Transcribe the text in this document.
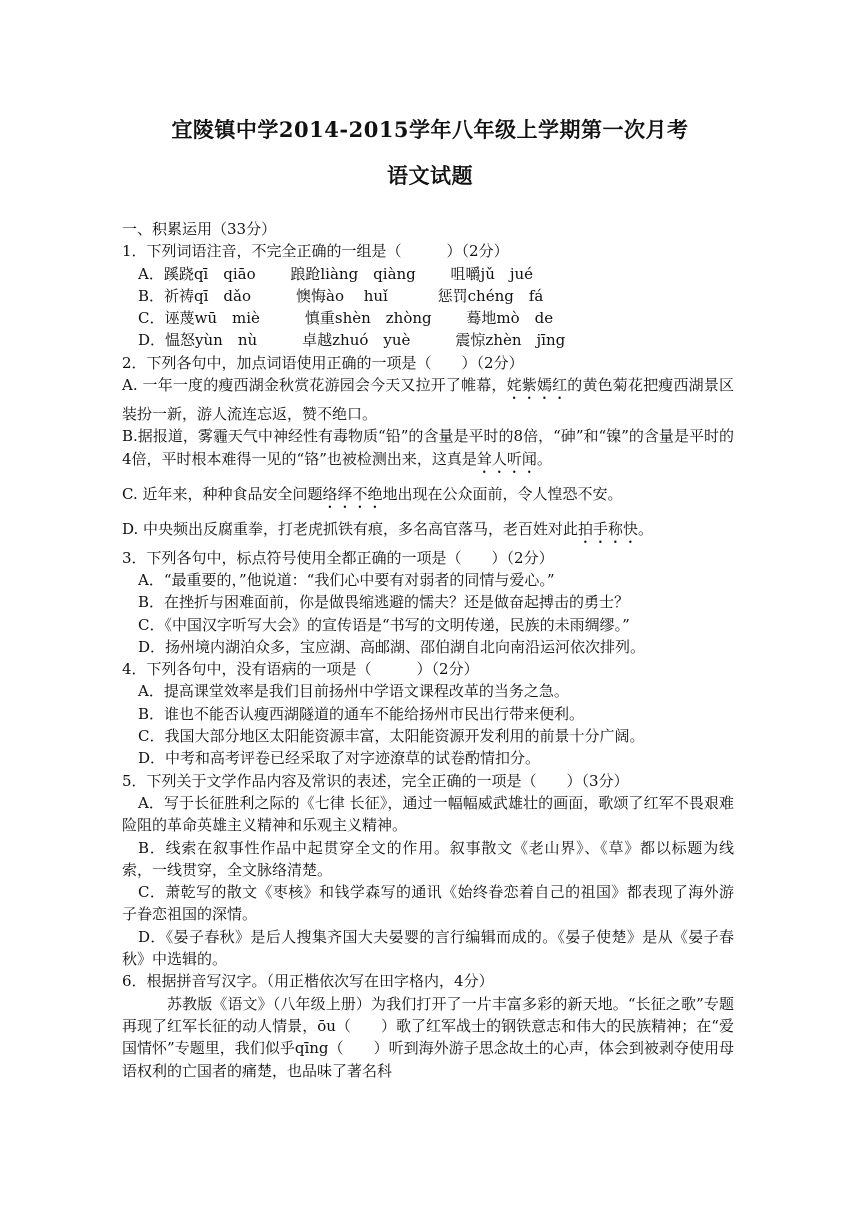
宜陵镇中学2014-2015学年八年级上学期第一次月考
语文试题

一、积累运用（33分）

1．下列词语注音，不完全正确的一组是（　　　）（2分）

A．蹊跷qī　qiāo　　 踉跄liàng　qiàng　　 咀嚼jǔ　jué

B．祈祷qī　dǎo　　　懊悔ào　 huǐ　　　 惩罚chéng　fá

C．诬蔑wū　miè　　　慎重shèn　zhòng　　 蓦地mò　de

D．愠怒yùn　nù　　　卓越zhuó　yuè　　　震惊zhèn　jīng

2．下列各句中，加点词语使用正确的一项是（　　）（2分）

A. 一年一度的瘦西湖金秋赏花游园会今天又拉开了帷幕，姹紫嫣红的黄色菊花把瘦西湖景区装扮一新，游人流连忘返，赞不绝口。

B.据报道，雾霾天气中神经性有毒物质“铅”的含量是平时的8倍，“砷”和“镍”的含量是平时的4倍，平时根本难得一见的“铬”也被检测出来，这真是耸人听闻。

C. 近年来，种种食品安全问题络绎不绝地出现在公众面前，令人惶恐不安。

D. 中央频出反腐重拳，打老虎抓铁有痕，多名高官落马，老百姓对此拍手称快。

3．下列各句中，标点符号使用全都正确的一项是（　　）（2分）

A．“最重要的，”他说道：“我们心中要有对弱者的同情与爱心。”

B．在挫折与困难面前，你是做畏缩逃避的懦夫？还是做奋起搏击的勇士？

C．《中国汉字听写大会》的宣传语是“书写的文明传递，民族的未雨绸缪。”

D．扬州境内湖泊众多，宝应湖、高邮湖、邵伯湖自北向南沿运河依次排列。

4．下列各句中，没有语病的一项是（　　　）（2分）

A．提高课堂效率是我们目前扬州中学语文课程改革的当务之急。

B．谁也不能否认瘦西湖隧道的通车不能给扬州市民出行带来便利。

C．我国大部分地区太阳能资源丰富，太阳能资源开发利用的前景十分广阔。

D．中考和高考评卷已经采取了对字迹潦草的试卷酌情扣分。

5．下列关于文学作品内容及常识的表述，完全正确的一项是（　　）（3分）

A．写于长征胜利之际的《七律 长征》，通过一幅幅威武雄壮的画面，歌颂了红军不畏艰难险阻的革命英雄主义精神和乐观主义精神。

B．线索在叙事性作品中起贯穿全文的作用。叙事散文《老山界》、《草》都以标题为线索，一线贯穿，全文脉络清楚。

C．萧乾写的散文《枣核》和钱学森写的通讯《始终眷恋着自己的祖国》都表现了海外游子眷恋祖国的深情。

D．《晏子春秋》是后人搜集齐国大夫晏婴的言行编辑而成的。《晏子使楚》是从《晏子春秋》中选辑的。

6．根据拼音写汉字。（用正楷依次写在田字格内，4分）

苏教版《语文》（八年级上册）为我们打开了一片丰富多彩的新天地。“长征之歌”专题再现了红军长征的动人情景，ōu（　　）歌了红军战士的钢铁意志和伟大的民族精神；在“爱国情怀”专题里，我们似乎qīng（　　）听到海外游子思念故土的心声，体会到被剥夺使用母语权利的亡国者的痛楚，也品味了著名科
